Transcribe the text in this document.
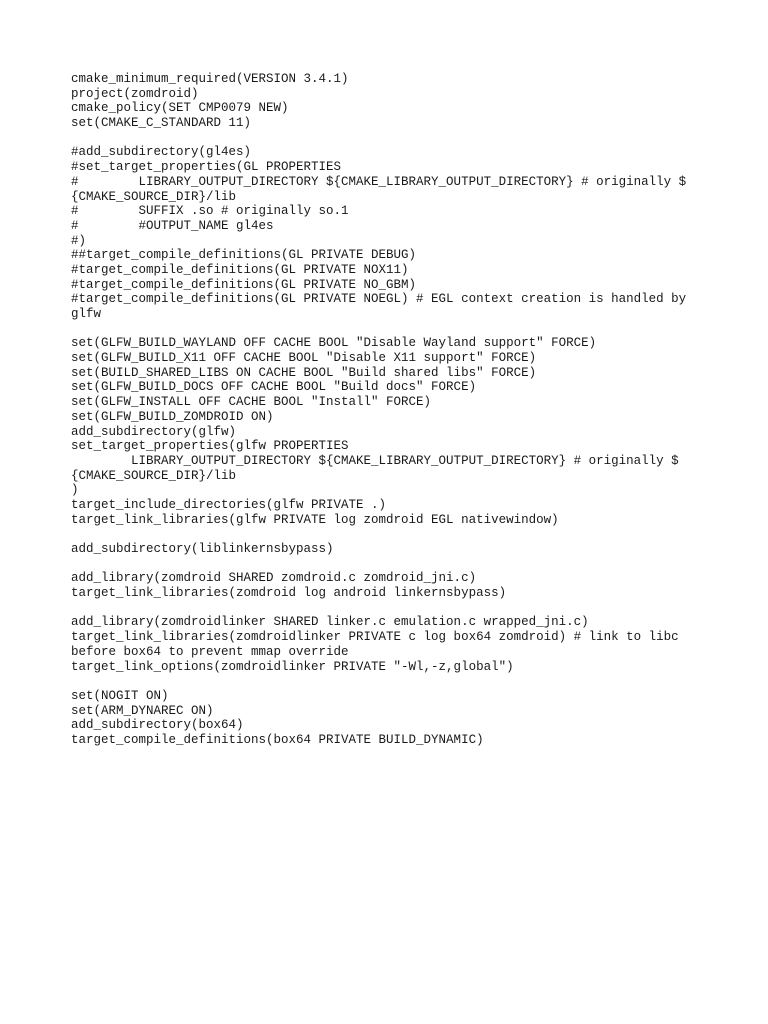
cmake_minimum_required(VERSION 3.4.1)
project(zomdroid)
cmake_policy(SET CMP0079 NEW)
set(CMAKE_C_STANDARD 11)
#add_subdirectory(gl4es)
#set_target_properties(GL PROPERTIES
#        LIBRARY_OUTPUT_DIRECTORY ${CMAKE_LIBRARY_OUTPUT_DIRECTORY} # originally $
{CMAKE_SOURCE_DIR}/lib
#        SUFFIX .so # originally so.1
#        #OUTPUT_NAME gl4es
#)
##target_compile_definitions(GL PRIVATE DEBUG)
#target_compile_definitions(GL PRIVATE NOX11)
#target_compile_definitions(GL PRIVATE NO_GBM)
#target_compile_definitions(GL PRIVATE NOEGL) # EGL context creation is handled by
glfw
set(GLFW_BUILD_WAYLAND OFF CACHE BOOL "Disable Wayland support" FORCE)
set(GLFW_BUILD_X11 OFF CACHE BOOL "Disable X11 support" FORCE)
set(BUILD_SHARED_LIBS ON CACHE BOOL "Build shared libs" FORCE)
set(GLFW_BUILD_DOCS OFF CACHE BOOL "Build docs" FORCE)
set(GLFW_INSTALL OFF CACHE BOOL "Install" FORCE)
set(GLFW_BUILD_ZOMDROID ON)
add_subdirectory(glfw)
set_target_properties(glfw PROPERTIES
LIBRARY_OUTPUT_DIRECTORY ${CMAKE_LIBRARY_OUTPUT_DIRECTORY} # originally $
{CMAKE_SOURCE_DIR}/lib
)
target_include_directories(glfw PRIVATE .)
target_link_libraries(glfw PRIVATE log zomdroid EGL nativewindow)
add_subdirectory(liblinkernsbypass)
add_library(zomdroid SHARED zomdroid.c zomdroid_jni.c)
target_link_libraries(zomdroid log android linkernsbypass)
add_library(zomdroidlinker SHARED linker.c emulation.c wrapped_jni.c)
target_link_libraries(zomdroidlinker PRIVATE c log box64 zomdroid) # link to libc
before box64 to prevent mmap override
target_link_options(zomdroidlinker PRIVATE "-Wl,-z,global")
set(NOGIT ON)
set(ARM_DYNAREC ON)
add_subdirectory(box64)
target_compile_definitions(box64 PRIVATE BUILD_DYNAMIC)
